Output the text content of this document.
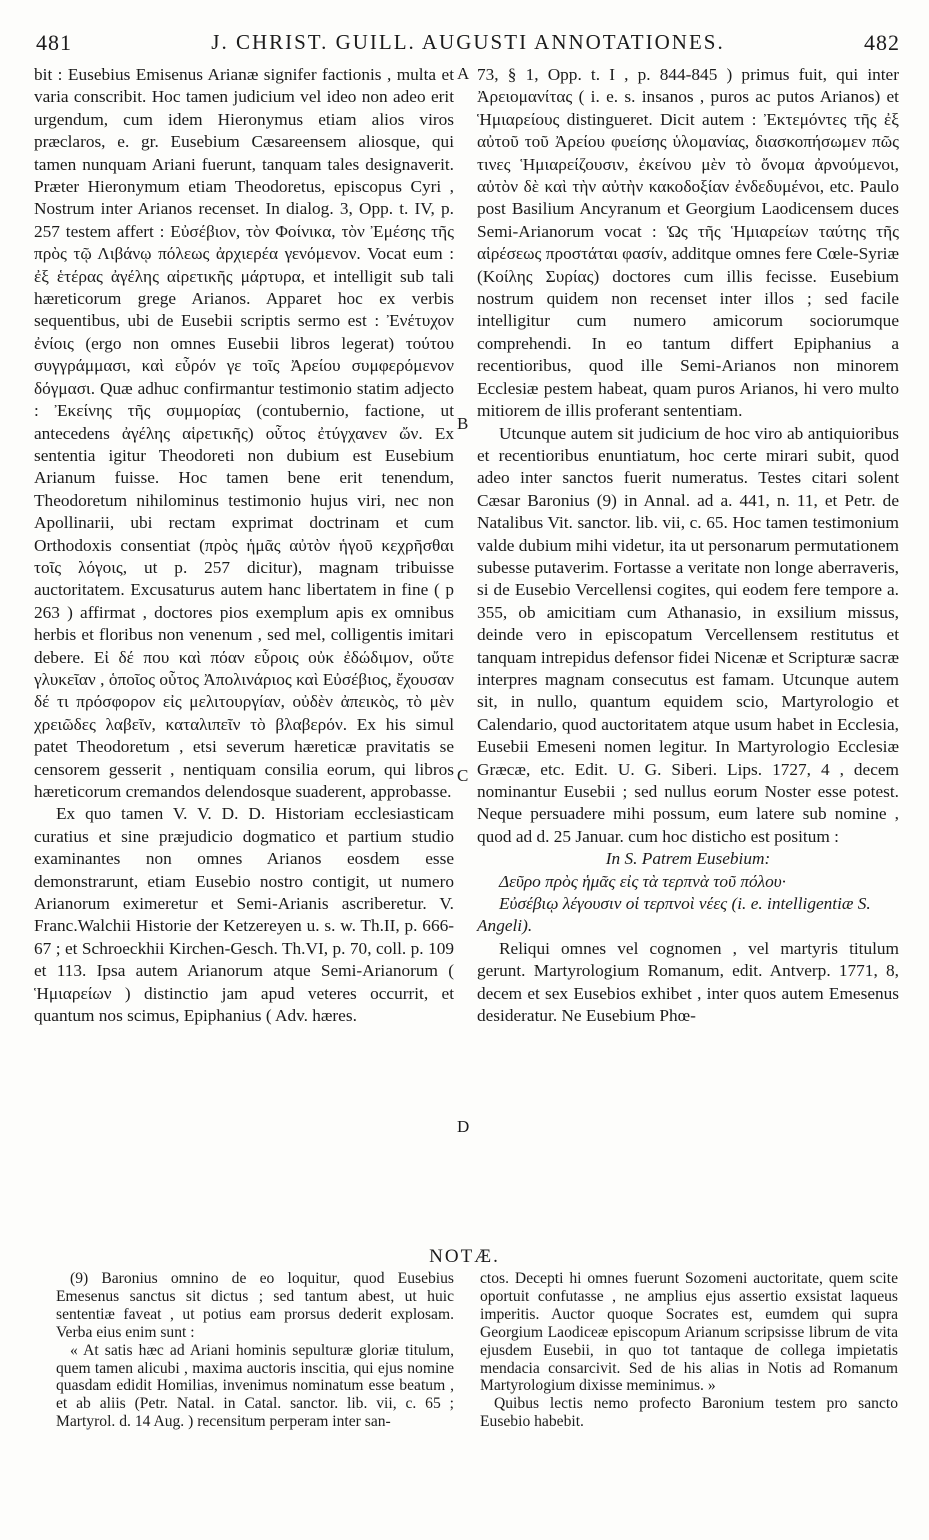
481	J. CHRIST. GUILL. AUGUSTI ANNOTATIONES.	482
A
B
C
D

bit : Eusebius Emisenus Arianæ signifer factionis , multa et varia conscribit. Hoc tamen judicium vel ideo non adeo erit urgendum, cum idem Hieronymus etiam alios viros præclaros, e. gr. Eusebium Cæsareensem aliosque, qui tamen nunquam Ariani fuerunt, tanquam tales designaverit. Præter Hieronymum etiam Theodoretus, episcopus Cyri , Nostrum inter Arianos recenset. In dialog. 3, Opp. t. IV, p. 257 testem affert : Εὐσέβιον, τὸν Φοίνικα, τὸν Ἐμέσης τῆς πρὸς τῷ Λιβάνῳ πόλεως ἀρχιερέα γενόμενον. Vocat eum : ἐξ ἑτέρας ἀγέλης αἱρετικῆς μάρτυρα, et intelligit sub tali hæreticorum grege Arianos. Apparet hoc ex verbis sequentibus, ubi de Eusebii scriptis sermo est : Ἐνέτυχον ἐνίοις (ergo non omnes Eusebii libros legerat) τούτου συγγράμμασι, καὶ εὗρόν γε τοῖς Ἀρείου συμφερόμενον δόγμασι. Quæ adhuc confirmantur testimonio statim adjecto : Ἐκείνης τῆς συμμορίας (contubernio, factione, ut antecedens ἀγέλης αἱρετικῆς) οὗτος ἐτύγχανεν ὤν. Ex sententia igitur Theodoreti non dubium est Eusebium Arianum fuisse. Hoc tamen bene erit tenendum, Theodoretum nihilominus testimonio hujus viri, nec non Apollinarii, ubi rectam exprimat doctrinam et cum Orthodoxis consentiat (πρὸς ἡμᾶς αὐτὸν ἡγοῦ κεχρῆσθαι τοῖς λόγοις, ut p. 257 dicitur), magnam tribuisse auctoritatem. Excusaturus autem hanc libertatem in fine ( p 263 ) affirmat , doctores pios exemplum apis ex omnibus herbis et floribus non venenum , sed mel, colligentis imitari debere. Εἰ δέ που καὶ πόαν εὗροις οὐκ ἐδώδιμον, οὔτε γλυκεῖαν , ὁποῖος οὗτος Ἀπολινάριος καὶ Εὐσέβιος, ἔχουσαν δέ τι πρόσφορον εἰς μελιτουργίαν, οὐδὲν ἀπεικὸς, τὸ μὲν χρειῶδες λαβεῖν, καταλιπεῖν τὸ βλαβερόν. Ex his simul patet Theodoretum , etsi severum hæreticæ pravitatis se censorem gesserit , nentiquam consilia eorum, qui libros hæreticorum cremandos delendosque suaderent, approbasse.

Ex quo tamen V. V. D. D. Historiam ecclesiasticam curatius et sine præjudicio dogmatico et partium studio examinantes non omnes Arianos eosdem esse demonstrarunt, etiam Eusebio nostro contigit, ut numero Arianorum eximeretur et Semi-Arianis ascriberetur. V. Franc.Walchii Historie der Ketzereyen u. s. w. Th.II, p. 666-67 ; et Schroeckhii Kirchen-Gesch. Th.VI, p. 70, coll. p. 109 et 113. Ipsa autem Arianorum atque Semi-Arianorum ( Ἡμιαρείων ) distinctio jam apud veteres occurrit, et quantum nos scimus, Epiphanius ( Adv. hæres.

73, § 1, Opp. t. I , p. 844-845 ) primus fuit, qui inter Ἀρειομανίτας ( i. e. s. insanos , puros ac putos Arianos) et Ἡμιαρείους distingueret. Dicit autem : Ἐκτεμόντες τῆς ἐξ αὐτοῦ τοῦ Ἀρείου φυείσης ὑλομανίας, διασκοπήσωμεν πῶς τινες Ἡμιαρείζουσιν, ἐκείνου μὲν τὸ ὄνομα ἀρνούμενοι, αὐτὸν δὲ καὶ τὴν αὐτὴν κακοδοξίαν ἐνδεδυμένοι, etc. Paulo post Basilium Ancyranum et Georgium Laodicensem duces Semi-Arianorum vocat : Ὡς τῆς Ἡμιαρείων ταύτης τῆς αἱρέσεως προστάται φασίν, additque omnes fere Cœle-Syriæ (Κοίλης Συρίας) doctores cum illis fecisse. Eusebium nostrum quidem non recenset inter illos ; sed facile intelligitur cum numero amicorum sociorumque comprehendi. In eo tantum differt Epiphanius a recentioribus, quod ille Semi-Arianos non minorem Ecclesiæ pestem habeat, quam puros Arianos, hi vero multo mitiorem de illis proferant sententiam.

Utcunque autem sit judicium de hoc viro ab antiquioribus et recentioribus enuntiatum, hoc certe mirari subit, quod adeo inter sanctos fuerit numeratus. Testes citari solent Cæsar Baronius (9) in Annal. ad a. 441, n. 11, et Petr. de Natalibus Vit. sanctor. lib. vii, c. 65. Hoc tamen testimonium valde dubium mihi videtur, ita ut personarum permutationem subesse putaverim. Fortasse a veritate non longe aberraveris, si de Eusebio Vercellensi cogites, qui eodem fere tempore a. 355, ob amicitiam cum Athanasio, in exsilium missus, deinde vero in episcopatum Vercellensem restitutus et tanquam intrepidus defensor fidei Nicenæ et Scripturæ sacræ interpres magnam consecutus est famam. Utcunque autem sit, in nullo, quantum equidem scio, Martyrologio et Calendario, quod auctoritatem atque usum habet in Ecclesia, Eusebii Emeseni nomen legitur. In Martyrologio Ecclesiæ Græcæ, etc. Edit. U. G. Siberi. Lips. 1727, 4 , decem nominantur Eusebii ; sed nullus eorum Noster esse potest. Neque persuadere mihi possum, eum latere sub nomine , quod ad d. 25 Januar. cum hoc disticho est positum :

In S. Patrem Eusebium:

Δεῦρο πρὸς ἡμᾶς εἰς τὰ τερπνὰ τοῦ πόλου·

Εὐσέβιῳ λέγουσιν οἱ τερπνοὶ νέες (i. e. intelligentiæ S. Angeli).

Reliqui omnes vel cognomen , vel martyris titulum gerunt. Martyrologium Romanum, edit. Antverp. 1771, 8, decem et sex Eusebios exhibet , inter quos autem Emesenus desideratur. Ne Eusebium Phœ-

NOTÆ.

(9) Baronius omnino de eo loquitur, quod Eusebius Emesenus sanctus sit dictus ; sed tantum abest, ut huic sententiæ faveat , ut potius eam prorsus dederit explosam. Verba eius enim sunt :

« At satis hæc ad Ariani hominis sepulturæ gloriæ titulum, quem tamen alicubi , maxima auctoris inscitia, qui ejus nomine quasdam edidit Homilias, invenimus nominatum esse beatum , et ab aliis (Petr. Natal. in Catal. sanctor. lib. vii, c. 65 ; Martyrol. d. 14 Aug. ) recensitum perperam inter san-

ctos. Decepti hi omnes fuerunt Sozomeni auctoritate, quem scite oportuit confutasse , ne amplius ejus assertio exsistat laqueus imperitis. Auctor quoque Socrates est, eumdem qui supra Georgium Laodiceæ episcopum Arianum scripsisse librum de vita ejusdem Eusebii, in quo tot tantaque de collega impietatis mendacia consarcivit. Sed de his alias in Notis ad Romanum Martyrologium dixisse meminimus. »

Quibus lectis nemo profecto Baronium testem pro sancto Eusebio habebit.
